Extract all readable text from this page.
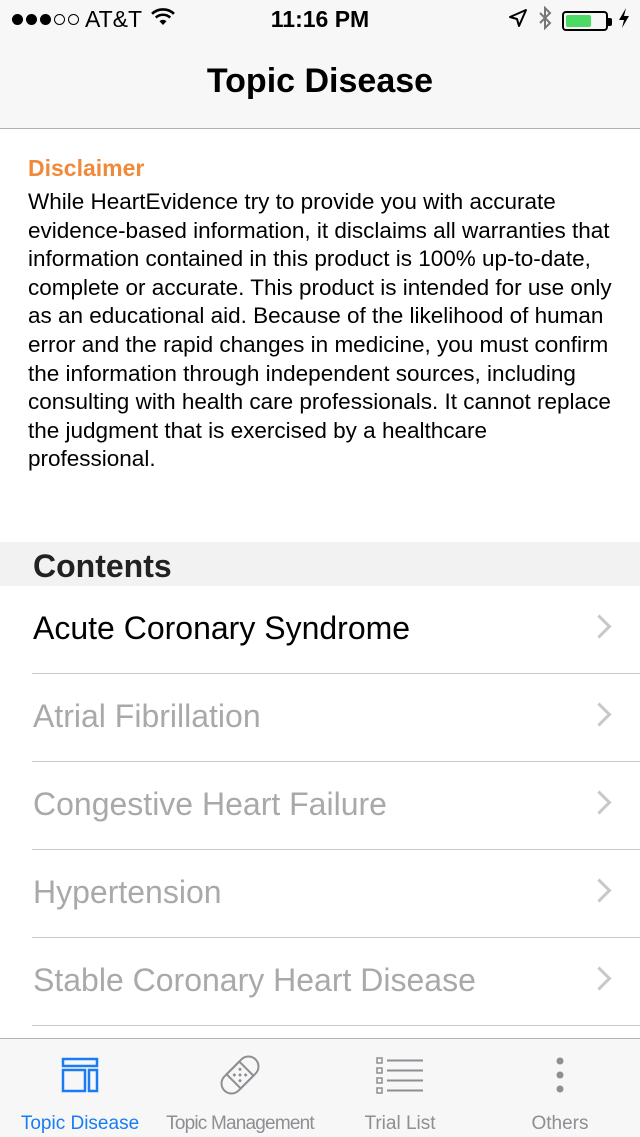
AT&T	11:16 PM
Topic Disease
Disclaimer
While HeartEvidence try to provide you with accurate evidence-based information, it disclaims all warranties that information contained in this product is 100% up-to-date, complete or accurate. This product is intended for use only as an educational aid. Because of the likelihood of human error and the rapid changes in medicine, you must confirm the information through independent sources, including consulting with health care professionals. It cannot replace the judgment that is exercised by a healthcare professional.
Contents
Acute Coronary Syndrome
Atrial Fibrillation
Congestive Heart Failure
Hypertension
Stable Coronary Heart Disease
Topic Disease	Topic Management	Trial List	Others
